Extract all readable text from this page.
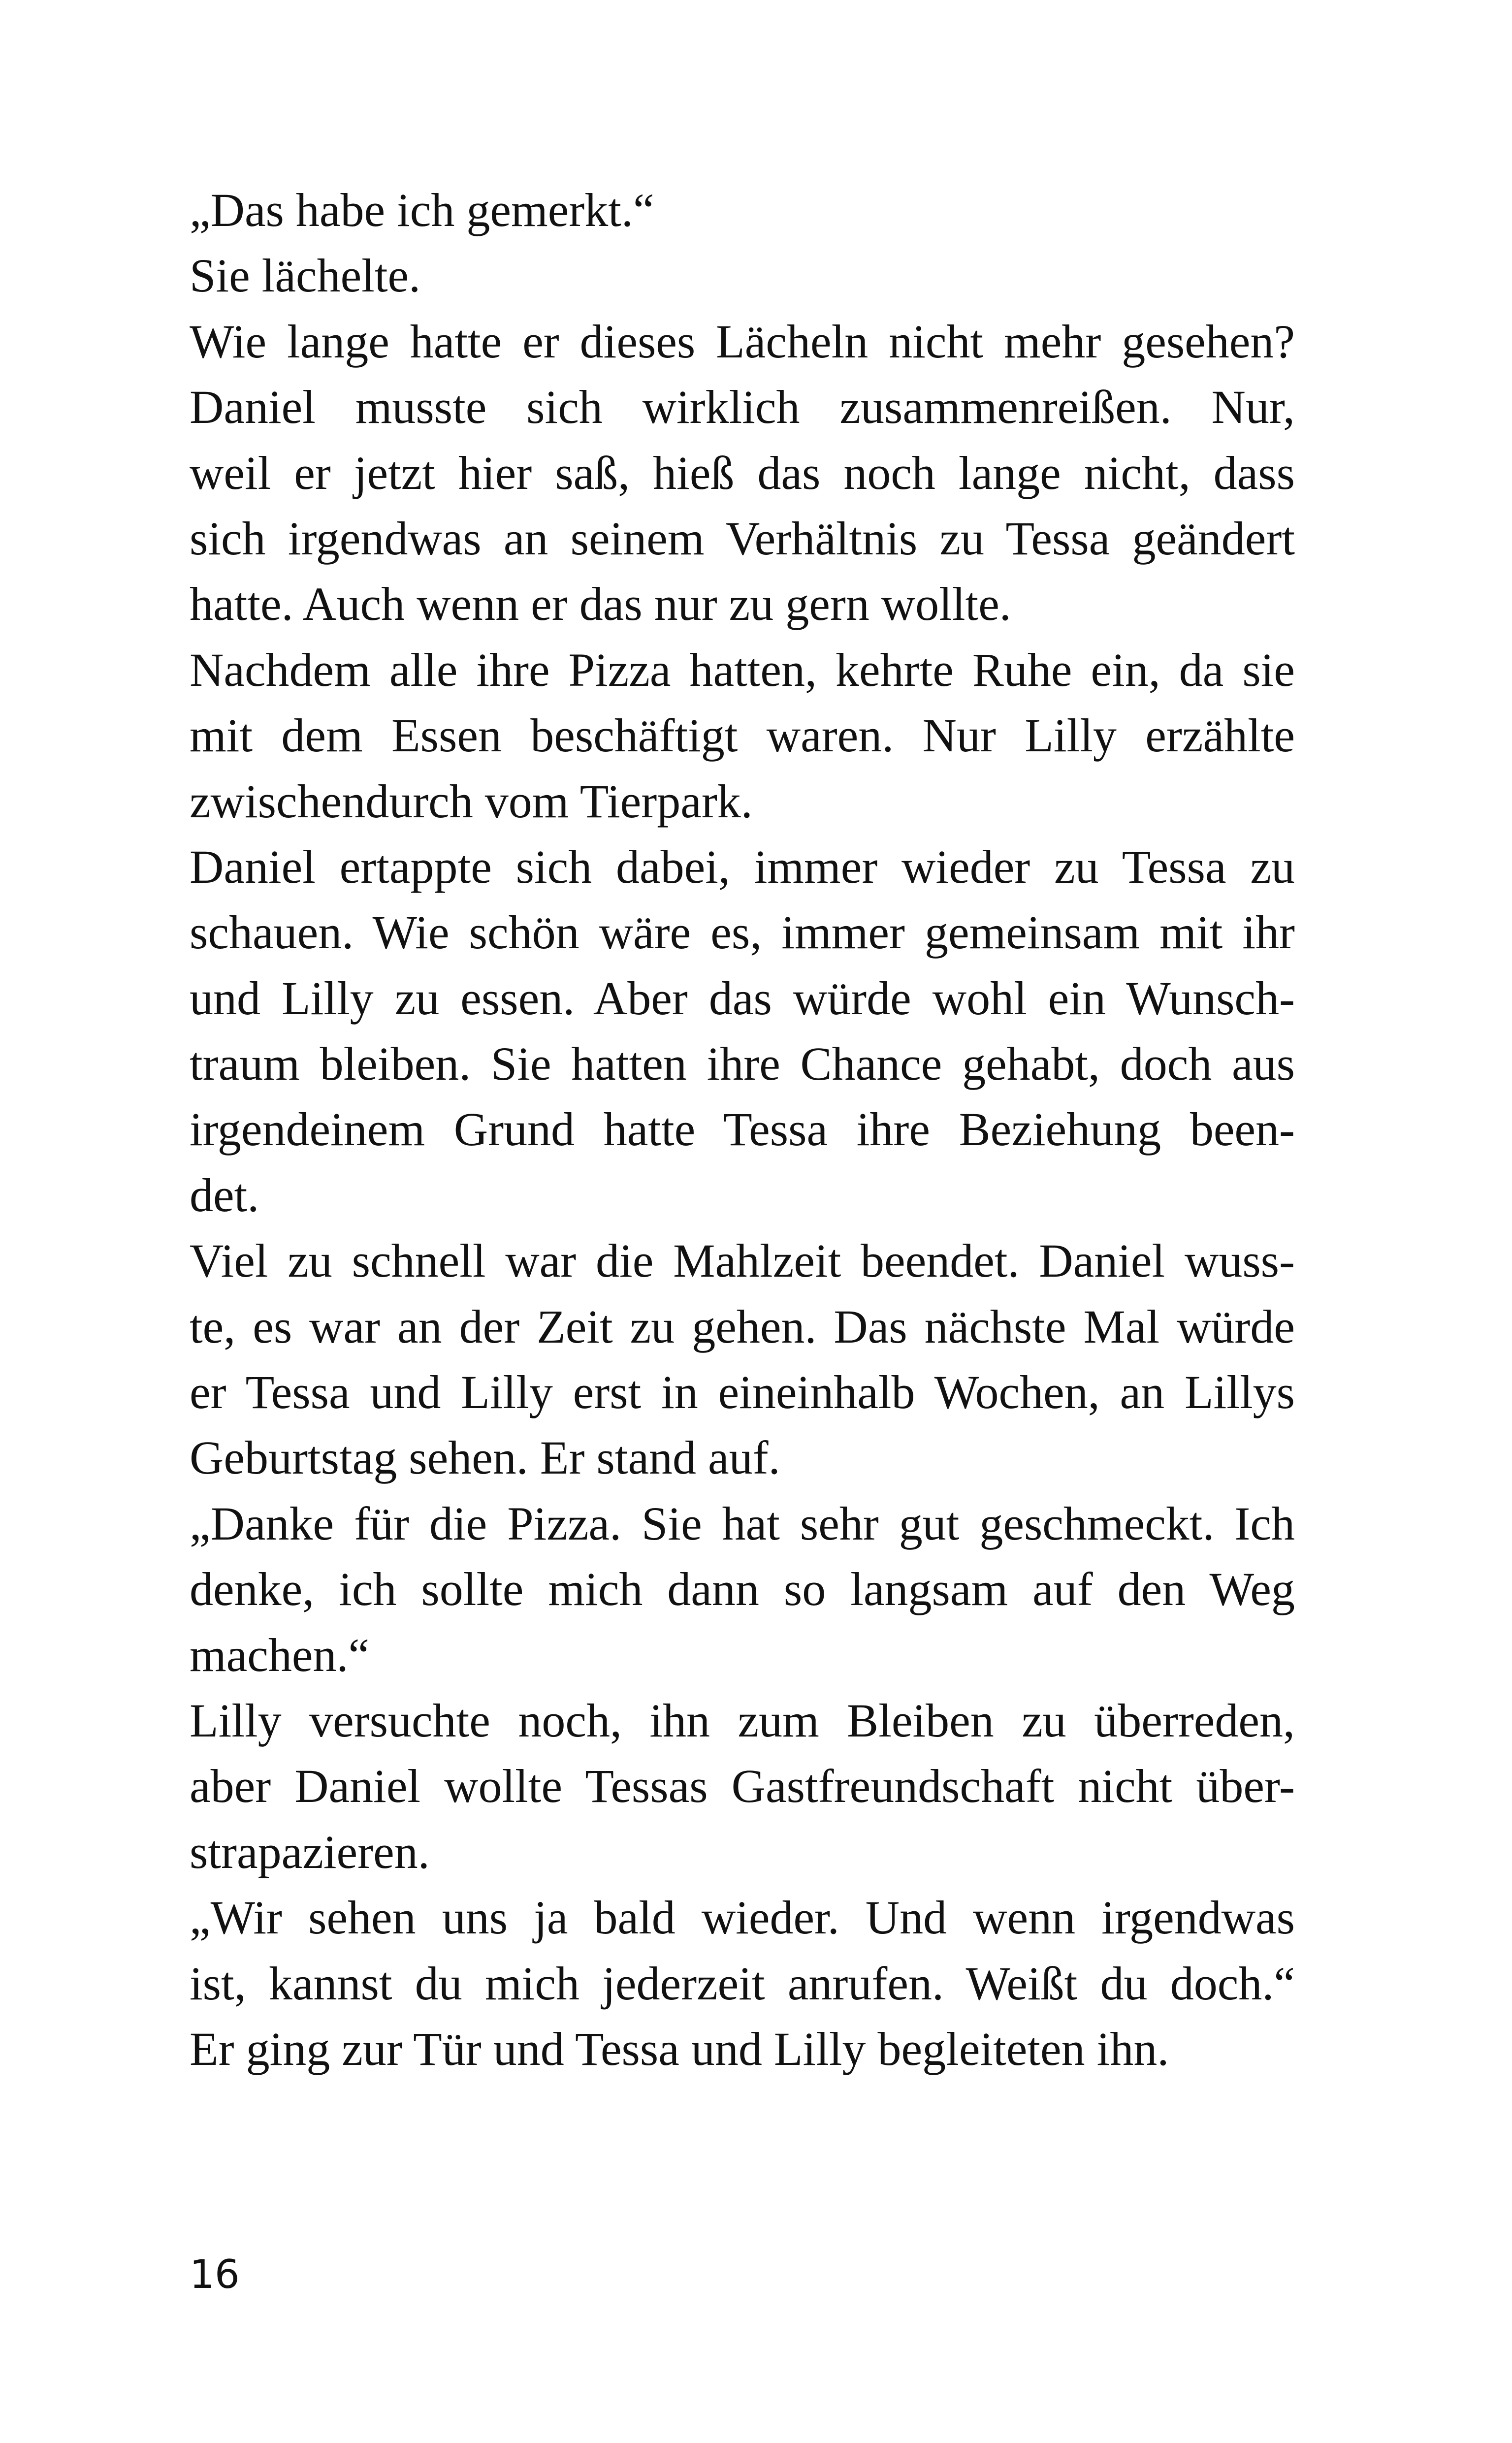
„Das habe ich gemerkt.“
Sie lächelte.
Wie lange hatte er dieses Lächeln nicht mehr gesehen?
Daniel musste sich wirklich zusammenreißen. Nur,
weil er jetzt hier saß, hieß das noch lange nicht, dass
sich irgendwas an seinem Verhältnis zu Tessa geändert
hatte. Auch wenn er das nur zu gern wollte.
Nachdem alle ihre Pizza hatten, kehrte Ruhe ein, da sie
mit dem Essen beschäftigt waren. Nur Lilly erzählte
zwischendurch vom Tierpark.
Daniel ertappte sich dabei, immer wieder zu Tessa zu
schauen. Wie schön wäre es, immer gemeinsam mit ihr
und Lilly zu essen. Aber das würde wohl ein Wunsch-
traum bleiben. Sie hatten ihre Chance gehabt, doch aus
irgendeinem Grund hatte Tessa ihre Beziehung been-
det.
Viel zu schnell war die Mahlzeit beendet. Daniel wuss-
te, es war an der Zeit zu gehen. Das nächste Mal würde
er Tessa und Lilly erst in eineinhalb Wochen, an Lillys
Geburtstag sehen. Er stand auf.
„Danke für die Pizza. Sie hat sehr gut geschmeckt. Ich
denke, ich sollte mich dann so langsam auf den Weg
machen.“
Lilly versuchte noch, ihn zum Bleiben zu überreden,
aber Daniel wollte Tessas Gastfreundschaft nicht über-
strapazieren.
„Wir sehen uns ja bald wieder. Und wenn irgendwas
ist, kannst du mich jederzeit anrufen. Weißt du doch.“
Er ging zur Tür und Tessa und Lilly begleiteten ihn.
16
